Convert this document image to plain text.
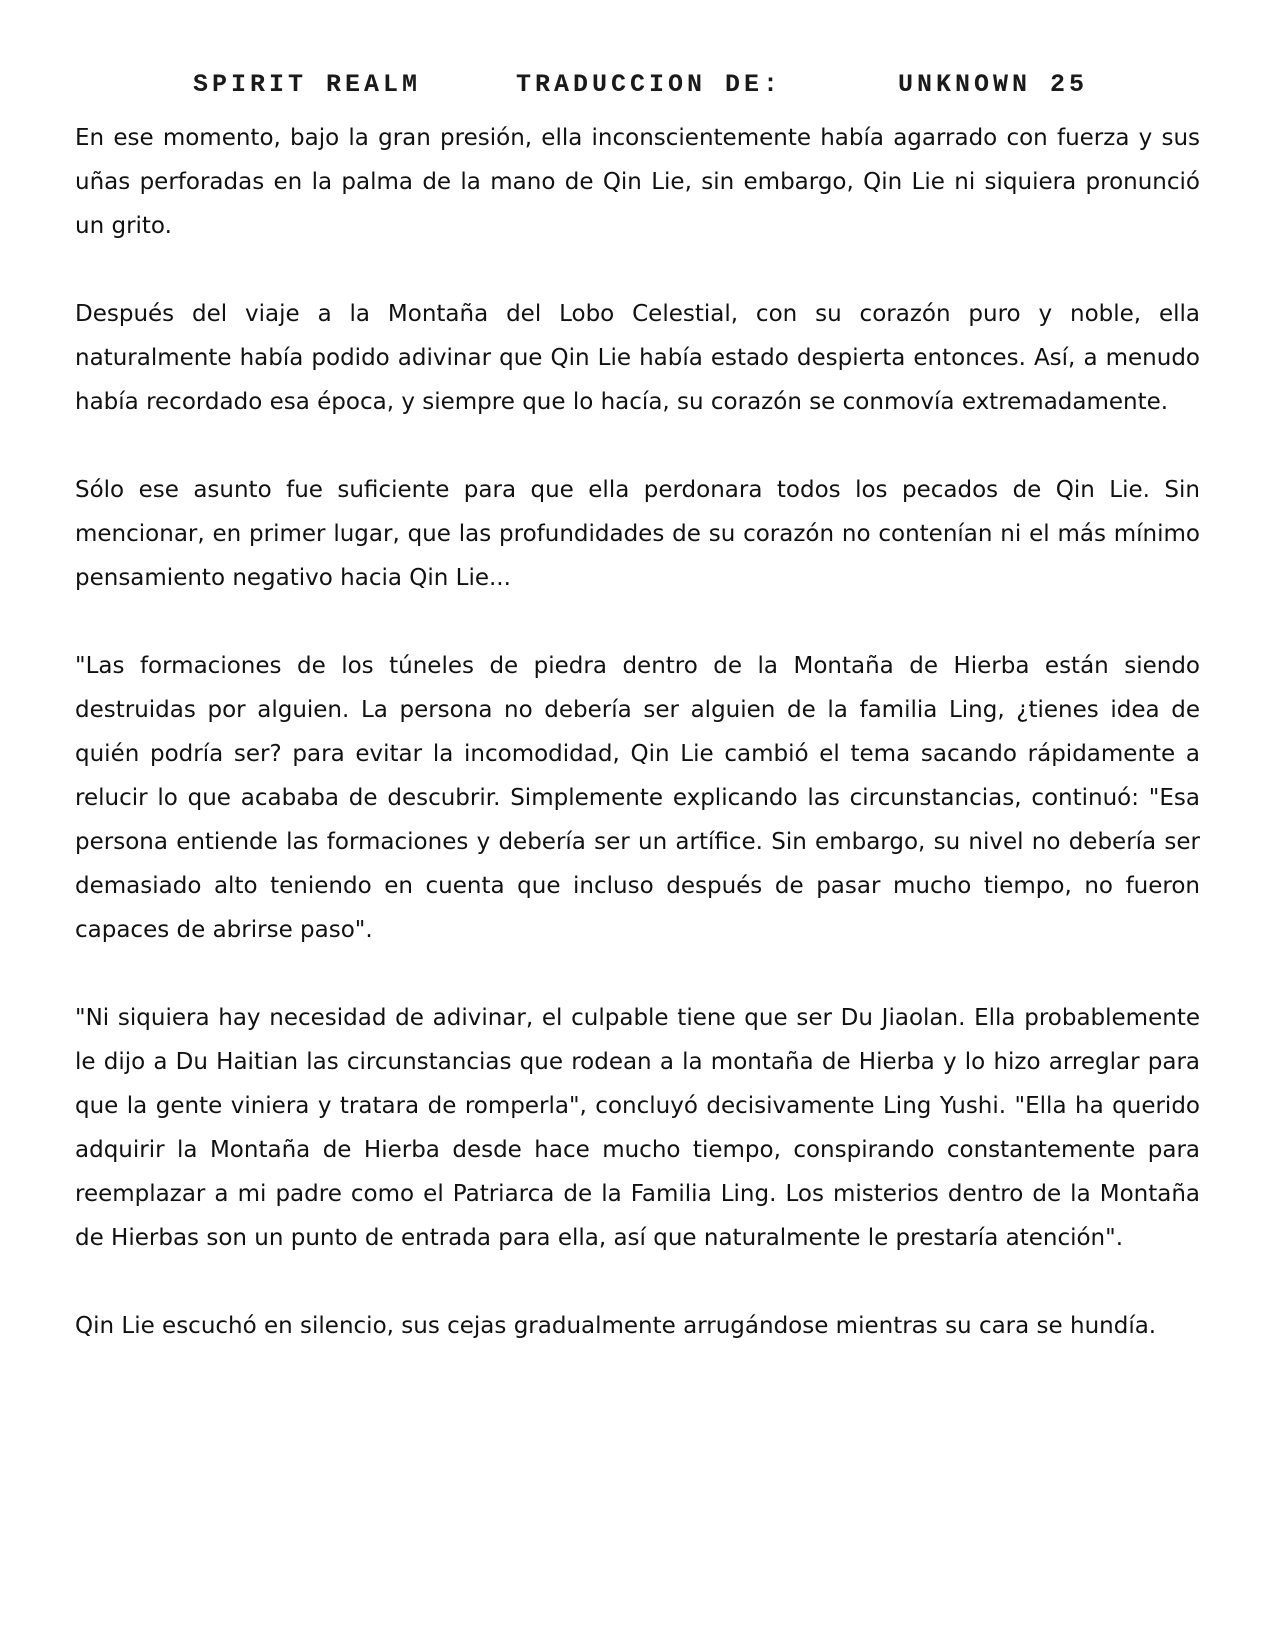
SPIRIT REALM	TRADUCCION DE:	UNKNOWN 25

En ese momento, bajo la gran presión, ella inconscientemente había agarrado con fuerza y sus uñas perforadas en la palma de la mano de Qin Lie, sin embargo, Qin Lie ni siquiera pronunció un grito.

Después del viaje a la Montaña del Lobo Celestial, con su corazón puro y noble, ella naturalmente había podido adivinar que Qin Lie había estado despierta entonces. Así, a menudo había recordado esa época, y siempre que lo hacía, su corazón se conmovía extremadamente.

Sólo ese asunto fue suficiente para que ella perdonara todos los pecados de Qin Lie. Sin mencionar, en primer lugar, que las profundidades de su corazón no contenían ni el más mínimo pensamiento negativo hacia Qin Lie...

"Las formaciones de los túneles de piedra dentro de la Montaña de Hierba están siendo destruidas por alguien. La persona no debería ser alguien de la familia Ling, ¿tienes idea de quién podría ser? para evitar la incomodidad, Qin Lie cambió el tema sacando rápidamente a relucir lo que acababa de descubrir. Simplemente explicando las circunstancias, continuó: "Esa persona entiende las formaciones y debería ser un artífice. Sin embargo, su nivel no debería ser demasiado alto teniendo en cuenta que incluso después de pasar mucho tiempo, no fueron capaces de abrirse paso".

"Ni siquiera hay necesidad de adivinar, el culpable tiene que ser Du Jiaolan. Ella probablemente le dijo a Du Haitian las circunstancias que rodean a la montaña de Hierba y lo hizo arreglar para que la gente viniera y tratara de romperla", concluyó decisivamente Ling Yushi. "Ella ha querido adquirir la Montaña de Hierba desde hace mucho tiempo, conspirando constantemente para reemplazar a mi padre como el Patriarca de la Familia Ling. Los misterios dentro de la Montaña de Hierbas son un punto de entrada para ella, así que naturalmente le prestaría atención".

Qin Lie escuchó en silencio, sus cejas gradualmente arrugándose mientras su cara se hundía.
